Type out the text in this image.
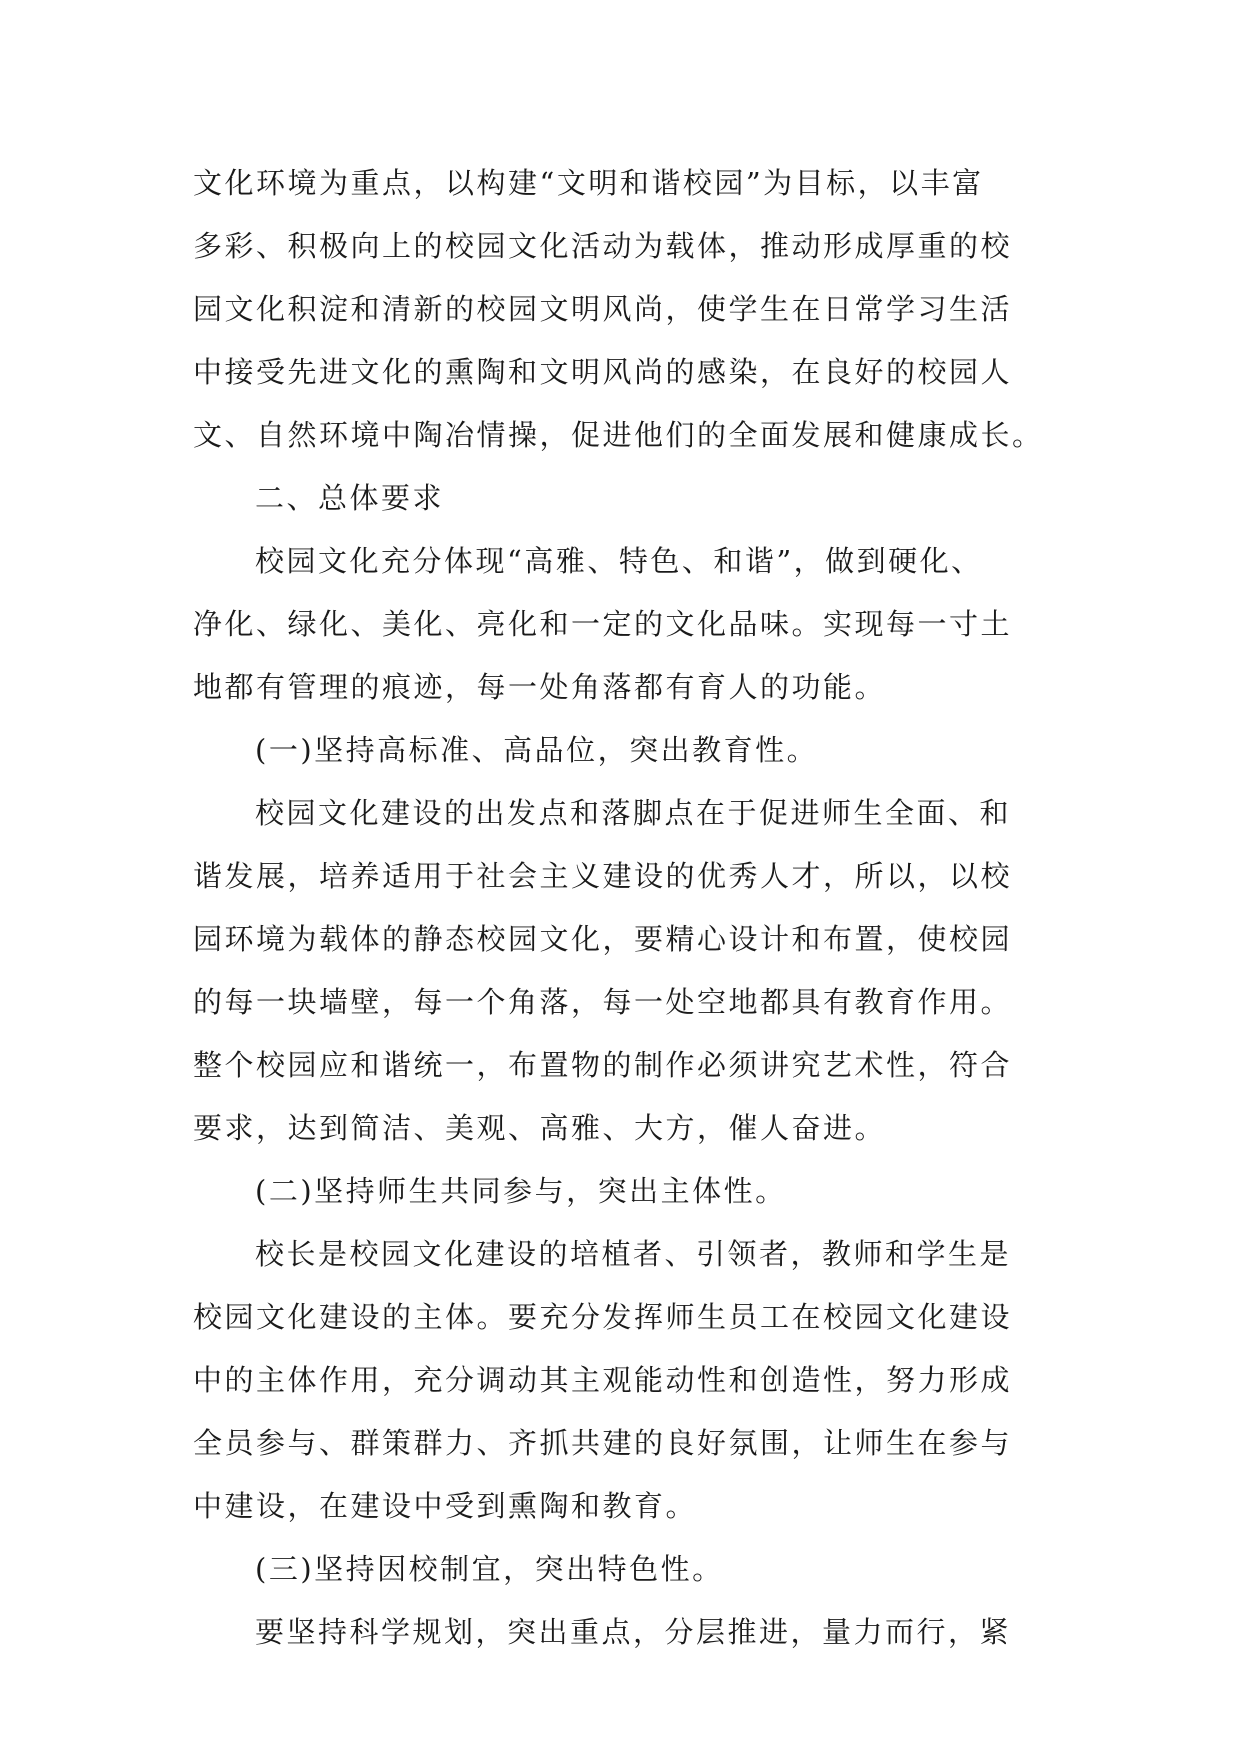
文化环境为重点，以构建“文明和谐校园”为目标，以丰富
多彩、积极向上的校园文化活动为载体，推动形成厚重的校
园文化积淀和清新的校园文明风尚，使学生在日常学习生活
中接受先进文化的熏陶和文明风尚的感染，在良好的校园人
文、自然环境中陶冶情操，促进他们的全面发展和健康成长。
二、总体要求
校园文化充分体现“高雅、特色、和谐”，做到硬化、
净化、绿化、美化、亮化和一定的文化品味。实现每一寸土
地都有管理的痕迹，每一处角落都有育人的功能。
(一)坚持高标准、高品位，突出教育性。
校园文化建设的出发点和落脚点在于促进师生全面、和
谐发展，培养适用于社会主义建设的优秀人才，所以，以校
园环境为载体的静态校园文化，要精心设计和布置，使校园
的每一块墙壁，每一个角落，每一处空地都具有教育作用。
整个校园应和谐统一，布置物的制作必须讲究艺术性，符合
要求，达到简洁、美观、高雅、大方，催人奋进。
(二)坚持师生共同参与，突出主体性。
校长是校园文化建设的培植者、引领者，教师和学生是
校园文化建设的主体。要充分发挥师生员工在校园文化建设
中的主体作用，充分调动其主观能动性和创造性，努力形成
全员参与、群策群力、齐抓共建的良好氛围，让师生在参与
中建设，在建设中受到熏陶和教育。
(三)坚持因校制宜，突出特色性。
要坚持科学规划，突出重点，分层推进，量力而行，紧
